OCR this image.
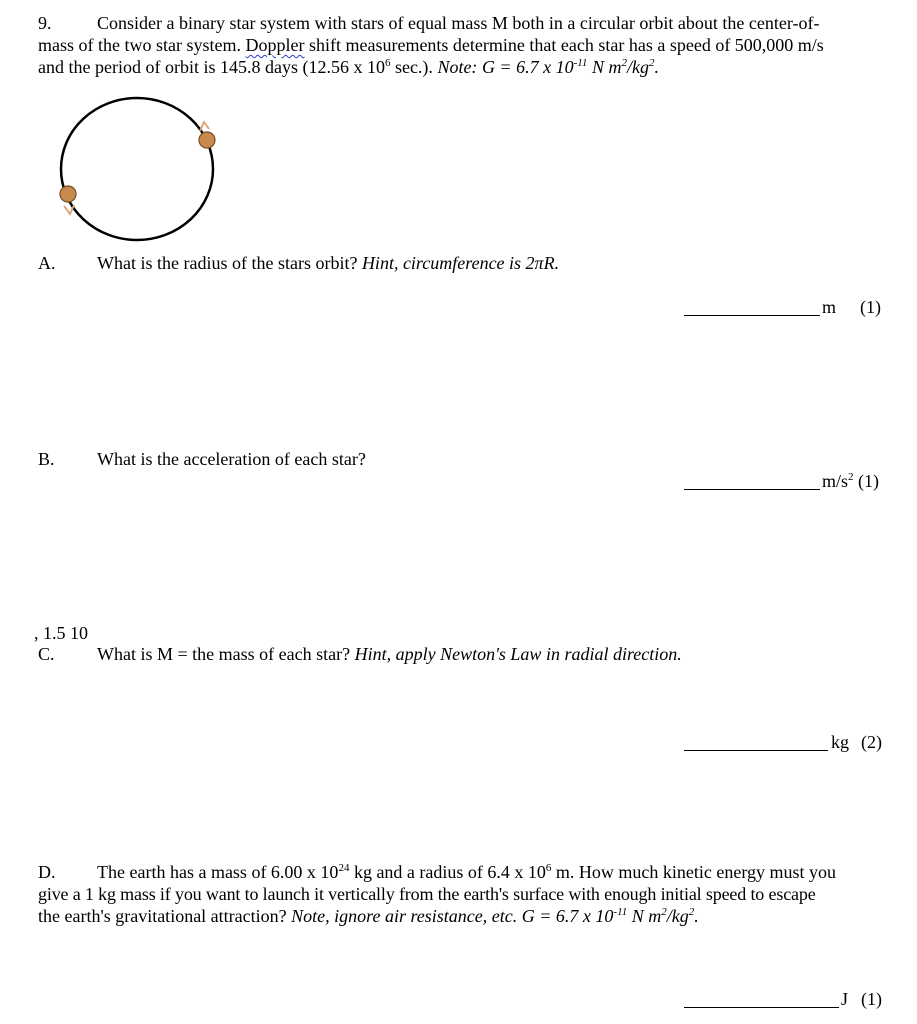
9.	Consider a binary star system with stars of equal mass M both in a circular orbit about the center-of-
mass of the two star system. Doppler shift measurements determine that each star has a speed of 500,000 m/s
and the period of orbit is 145.8 days (12.56 x $10^6$ sec.). Note: G = 6.7 x $10^{-11}$ N $m^2/kg^2$.
A. What is the radius of the stars orbit? Hint, circumference is 2πR.
m (1)
B. What is the acceleration of each star?
$m/s^2$ (1)
, 1.5 10
C. What is M = the mass of each star? Hint, apply Newton's Law in radial direction.
kg (2)
D. The earth has a mass of 6.00 x $10^{24}$ kg and a radius of 6.4 x $10^6$ m. How much kinetic energy must you
give a 1 kg mass if you want to launch it vertically from the earth's surface with enough initial speed to escape
the earth's gravitational attraction? Note, ignore air resistance, etc. G = 6.7 x $10^{-11}$ N $m^2/kg^2$.
J (1)
